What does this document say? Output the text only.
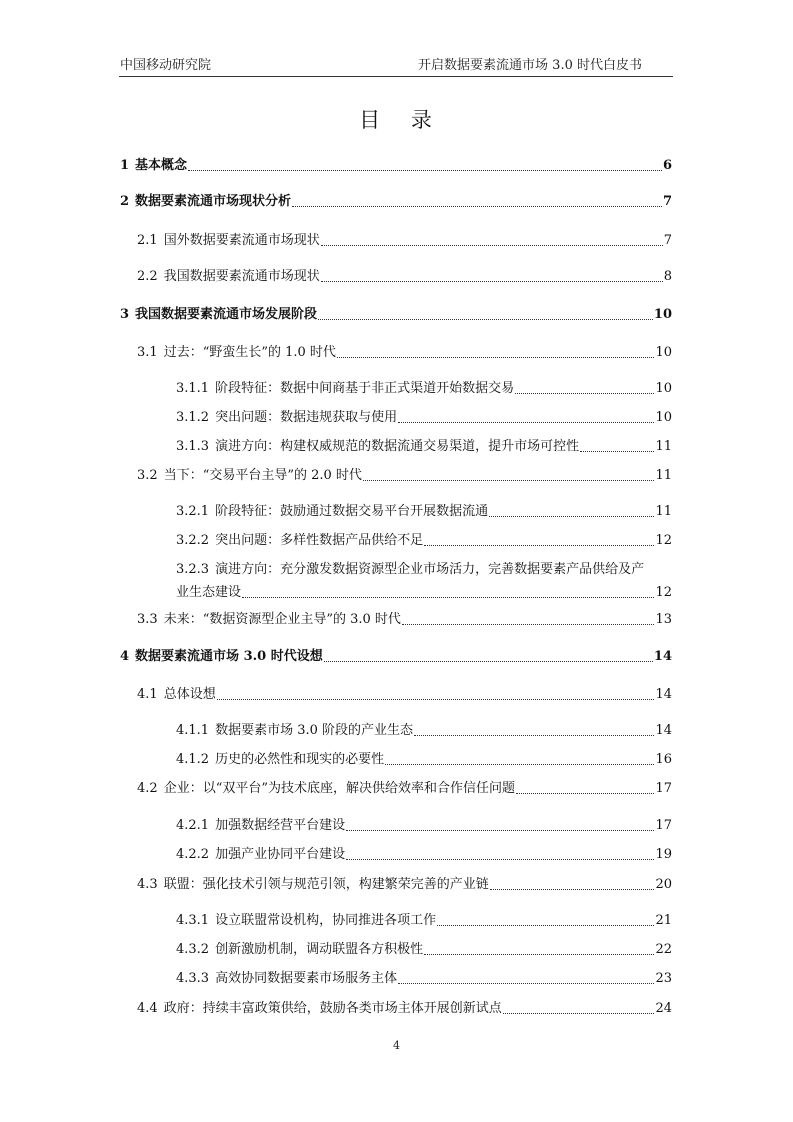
中国移动研究院	开启数据要素流通市场 3.0 时代白皮书
目 录
1 基本概念	6
2 数据要素流通市场现状分析	7
2.1 国外数据要素流通市场现状	7
2.2 我国数据要素流通市场现状	8
3 我国数据要素流通市场发展阶段	10
3.1 过去：“野蛮生长”的 1.0 时代	10
3.1.1 阶段特征：数据中间商基于非正式渠道开始数据交易	10
3.1.2 突出问题：数据违规获取与使用	10
3.1.3 演进方向：构建权威规范的数据流通交易渠道，提升市场可控性	11
3.2 当下：“交易平台主导”的 2.0 时代	11
3.2.1 阶段特征：鼓励通过数据交易平台开展数据流通	11
3.2.2 突出问题：多样性数据产品供给不足	12
3.2.3 演进方向：充分激发数据资源型企业市场活力，完善数据要素产品供给及产
业生态建设	12
3.3 未来：“数据资源型企业主导”的 3.0 时代	13
4 数据要素流通市场 3.0 时代设想	14
4.1 总体设想	14
4.1.1 数据要素市场 3.0 阶段的产业生态	14
4.1.2 历史的必然性和现实的必要性	16
4.2 企业：以“双平台”为技术底座，解决供给效率和合作信任问题	17
4.2.1 加强数据经营平台建设	17
4.2.2 加强产业协同平台建设	19
4.3 联盟：强化技术引领与规范引领，构建繁荣完善的产业链	20
4.3.1 设立联盟常设机构，协同推进各项工作	21
4.3.2 创新激励机制，调动联盟各方积极性	22
4.3.3 高效协同数据要素市场服务主体	23
4.4 政府：持续丰富政策供给，鼓励各类市场主体开展创新试点	24
4
